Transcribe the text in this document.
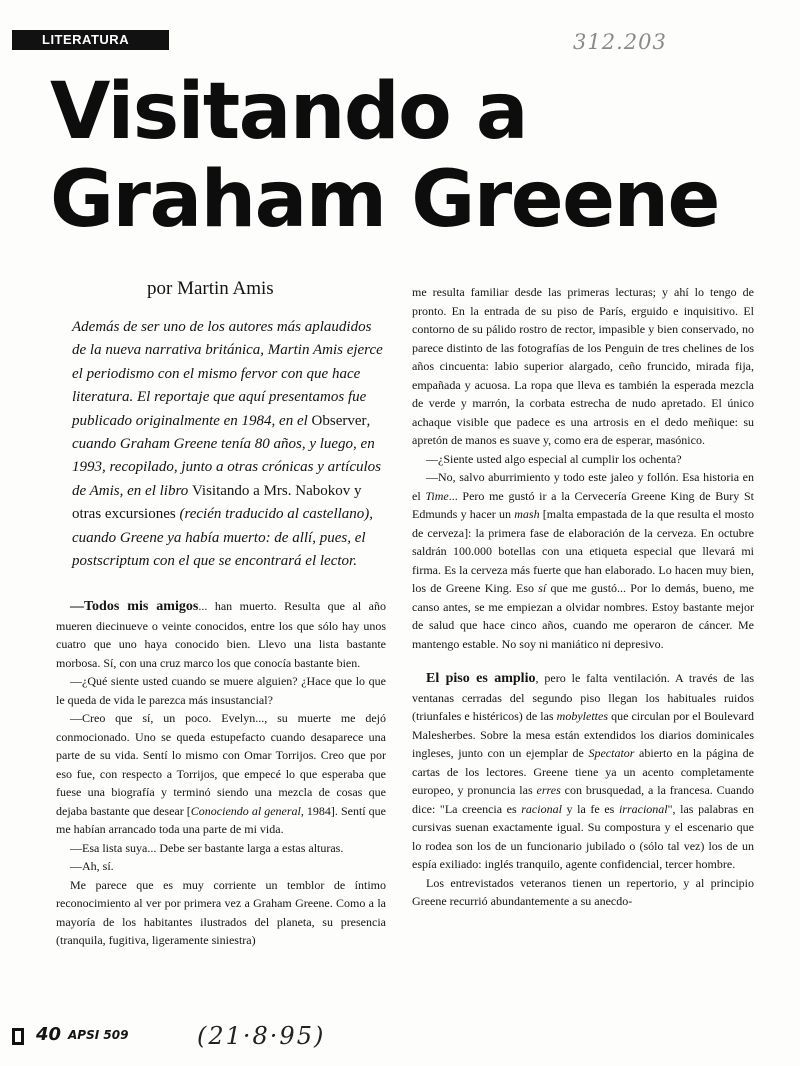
LITERATURA	312.203
Visitando a Graham Greene

por Martin Amis

Además de ser uno de los autores más aplaudidos de la nueva narrativa británica, Martin Amis ejerce el periodismo con el mismo fervor con que hace literatura. El reportaje que aquí presentamos fue publicado originalmente en 1984, en el Observer, cuando Graham Greene tenía 80 años, y luego, en 1993, recopilado, junto a otras crónicas y artículos de Amis, en el libro Visitando a Mrs. Nabokov y otras excursiones (recién traducido al castellano), cuando Greene ya había muerto: de allí, pues, el postscriptum con el que se encontrará el lector.

—Todos mis amigos... han muerto. Resulta que al año mueren diecinueve o veinte conocidos, entre los que sólo hay unos cuatro que uno haya conocido bien. Llevo una lista bastante morbosa. Sí, con una cruz marco los que conocía bastante bien.

—¿Qué siente usted cuando se muere alguien? ¿Hace que lo que le queda de vida le parezca más insustancial?

—Creo que sí, un poco. Evelyn..., su muerte me dejó conmocionado. Uno se queda estupefacto cuando desaparece una parte de su vida. Sentí lo mismo con Omar Torrijos. Creo que por eso fue, con respecto a Torrijos, que empecé lo que esperaba que fuese una biografía y terminó siendo una mezcla de cosas que dejaba bastante que desear [Conociendo al general, 1984]. Sentí que me habían arrancado toda una parte de mi vida.

—Esa lista suya... Debe ser bastante larga a estas alturas.

—Ah, sí.

Me parece que es muy corriente un temblor de íntimo reconocimiento al ver por primera vez a Graham Greene. Como a la mayoría de los habitantes ilustrados del planeta, su presencia (tranquila, fugitiva, ligeramente siniestra)

me resulta familiar desde las primeras lecturas; y ahí lo tengo de pronto. En la entrada de su piso de París, erguido e inquisitivo. El contorno de su pálido rostro de rector, impasible y bien conservado, no parece distinto de las fotografías de los Penguin de tres chelines de los años cincuenta: labio superior alargado, ceño fruncido, mirada fija, empañada y acuosa. La ropa que lleva es también la esperada mezcla de verde y marrón, la corbata estrecha de nudo apretado. El único achaque visible que padece es una artrosis en el dedo meñique: su apretón de manos es suave y, como era de esperar, masónico.

—¿Siente usted algo especial al cumplir los ochenta?

—No, salvo aburrimiento y todo este jaleo y follón. Esa historia en el Time... Pero me gustó ir a la Cervecería Greene King de Bury St Edmunds y hacer un mash [malta empastada de la que resulta el mosto de cerveza]: la primera fase de elaboración de la cerveza. En octubre saldrán 100.000 botellas con una etiqueta especial que llevará mi firma. Es la cerveza más fuerte que han elaborado. Lo hacen muy bien, los de Greene King. Eso sí que me gustó... Por lo demás, bueno, me canso antes, se me empiezan a olvidar nombres. Estoy bastante mejor de salud que hace cinco años, cuando me operaron de cáncer. Me mantengo estable. No soy ni maniático ni depresivo.

El piso es amplio, pero le falta ventilación. A través de las ventanas cerradas del segundo piso llegan los habituales ruidos (triunfales e histéricos) de las mobylettes que circulan por el Boulevard Malesherbes. Sobre la mesa están extendidos los diarios dominicales ingleses, junto con un ejemplar de Spectator abierto en la página de cartas de los lectores. Greene tiene ya un acento completamente europeo, y pronuncia las erres con brusquedad, a la francesa. Cuando dice: "La creencia es racional y la fe es irracional", las palabras en cursivas suenan exactamente igual. Su compostura y el escenario que lo rodea son los de un funcionario jubilado o (sólo tal vez) los de un espía exiliado: inglés tranquilo, agente confidencial, tercer hombre.

Los entrevistados veteranos tienen un repertorio, y al principio Greene recurrió abundantemente a su anecdo-

40 APSI 509	(21·8·95)
